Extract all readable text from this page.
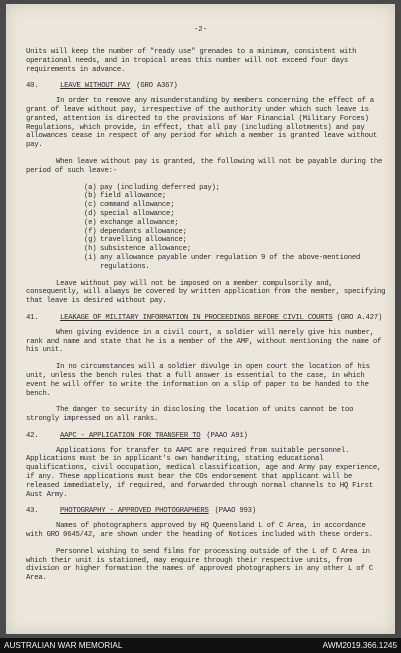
-2-

Units will keep the number of "ready use" grenades to a minimum, consistent with operational needs, and in tropical areas this number will not exceed four days requirements in advance.

40.	LEAVE WITHOUT PAY (GRO A367)

In order to remove any misunderstanding by members concerning the effect of a grant of leave without pay, irrespective of the authority under which such leave is granted, attention is directed to the provisions of War Financial (Military Forces) Regulations, which provide, in effect, that all pay (including allotments) and pay allowances cease in respect of any period for which a member is granted leave without pay.

When leave without pay is granted, the following will not be payable during the period of such leave:-

(a) pay (including deferred pay);
(b) field allowance;
(c) command allowance;
(d) special allowance;
(e) exchange allowance;
(f) dependants allowance;
(g) travelling allowance;
(h) subsistence allowance;
(i) any allowance payable under regulation 9 of the above-mentioned regulations.

Leave without pay will not be imposed on a member compulsorily and, consequently, will always be covered by written application from the member, specifying that leave is desired without pay.

41.	LEAKAGE OF MILITARY INFORMATION IN PROCEEDINGS BEFORE CIVIL COURTS (GRO A.427)

When giving evidence in a civil court, a soldier will merely give his number, rank and name and state that he is a member of the AMF, without mentioning the name of his unit.

In no circumstances will a soldier divulge in open court the location of his unit, unless the bench rules that a full answer is essential to the case, in which event he will offer to write the information on a slip of paper to be handed to the bench.

The danger to security in disclosing the location of units cannot be too strongly impressed on all ranks.

42.	AAPC - APPLICATION FOR TRANSFER TO (PAAO A91)

Applications for transfer to AAPC are required from suitable personnel. Applications must be in applicant's own handwriting, stating educational qualifications, civil occupation, medical classification, age and Army pay experience, if any. These applications must bear the COs endorsement that applicant will be released immediately, if required, and forwarded through normal channels to HQ First Aust Army.

43.	PHOTOGRAPHY - APPROVED PHOTOGRAPHERS (PAAO 993)

Names of photographers approved by HQ Queensland L of C Area, in accordance with GRO 0645/42, are shown under the heading of Notices included with these orders.

Personnel wishing to send films for processing outside of the L of C Area in which their unit is stationed, may enquire through their respective units, from division or higher formation the names of approved photographers in any other L of C Area.

AUSTRALIAN WAR MEMORIAL	AWM2019.366.1245
